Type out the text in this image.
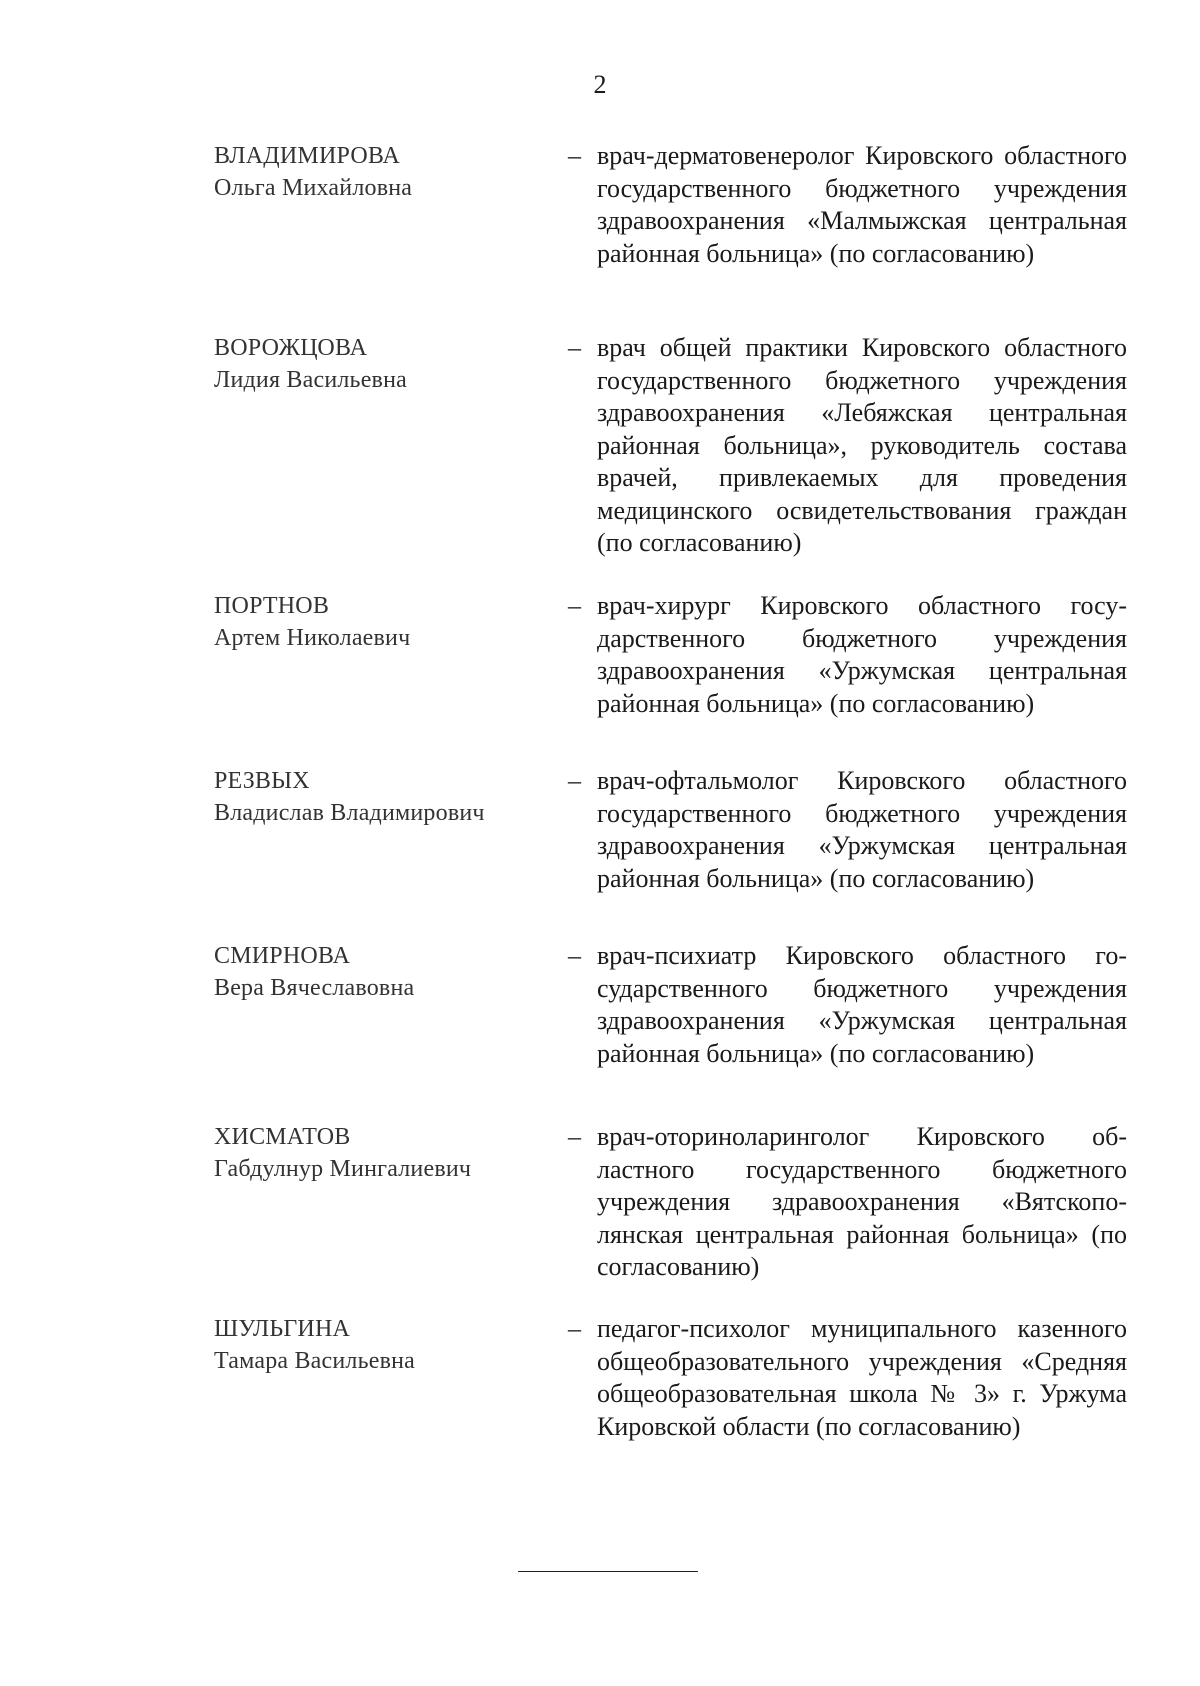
2
ВЛАДИМИРОВА
Ольга Михайловна
– врач-дерматовенеролог Кировского областного государственного бюджетного учреждения здравоохранения «Малмыжская центральная районная больница» (по согласованию)
ВОРОЖЦОВА
Лидия Васильевна
– врач общей практики Кировского областного государственного бюджетного учреждения здравоохранения «Лебяжская центральная районная больница», руководитель состава врачей, привлекаемых для проведения медицинского освидетельствования граждан (по согласованию)
ПОРТНОВ
Артем Николаевич
– врач-хирург Кировского областного государственного бюджетного учреждения здравоохранения «Уржумская центральная районная больница» (по согласованию)
РЕЗВЫХ
Владислав Владимирович
– врач-офтальмолог Кировского областного государственного бюджетного учреждения здравоохранения «Уржумская центральная районная больница» (по согласованию)
СМИРНОВА
Вера Вячеславовна
– врач-психиатр Кировского областного государственного бюджетного учреждения здравоохранения «Уржумская центральная районная больница» (по согласованию)
ХИСМАТОВ
Габдулнур Мингалиевич
– врач-оториноларинголог Кировского областного государственного бюджетного учреждения здравоохранения «Вятскополянская центральная районная больница» (по согласованию)
ШУЛЬГИНА
Тамара Васильевна
– педагог-психолог муниципального казенного общеобразовательного учреждения «Средняя общеобразовательная школа № 3» г. Уржума Кировской области (по согласованию)
